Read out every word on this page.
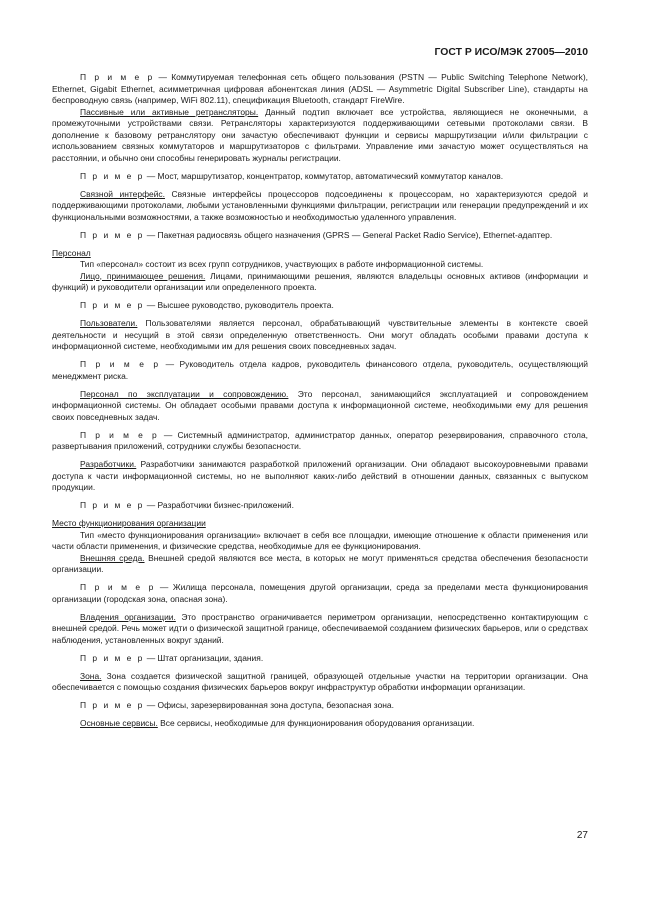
ГОСТ Р ИСО/МЭК 27005—2010

П р и м е р — Коммутируемая телефонная сеть общего пользования (PSTN — Public Switching Telephone Network), Ethernet, Gigabit Ethernet, асимметричная цифровая абонентская линия (ADSL — Asymmetric Digital Subscriber Line), стандарты на беспроводную связь (например, WiFi 802.11), спецификация Bluetooth, стандарт FireWire.

Пассивные или активные ретрансляторы. Данный подтип включает все устройства, являющиеся не оконечными, а промежуточными устройствами связи. Ретрансляторы характеризуются поддерживающими сетевыми протоколами связи. В дополнение к базовому ретранслятору они зачастую обеспечивают функции и сервисы маршрутизации и/или фильтрации с использованием связных коммутаторов и маршрутизаторов с фильтрами. Управление ими зачастую может осуществляться на расстоянии, и обычно они способны генерировать журналы регистрации.

П р и м е р — Мост, маршрутизатор, концентратор, коммутатор, автоматический коммутатор каналов.

Связной интерфейс. Связные интерфейсы процессоров подсоединены к процессорам, но характеризуются средой и поддерживающими протоколами, любыми установленными функциями фильтрации, регистрации или генерации предупреждений и их функциональными возможностями, а также возможностью и необходимостью удаленного управления.

П р и м е р — Пакетная радиосвязь общего назначения (GPRS — General Packet Radio Service), Ethernet-адаптер.

Персонал

Тип «персонал» состоит из всех групп сотрудников, участвующих в работе информационной системы.

Лицо, принимающее решения. Лицами, принимающими решения, являются владельцы основных активов (информации и функций) и руководители организации или определенного проекта.

П р и м е р — Высшее руководство, руководитель проекта.

Пользователи. Пользователями является персонал, обрабатывающий чувствительные элементы в контексте своей деятельности и несущий в этой связи определенную ответственность. Они могут обладать особыми правами доступа к информационной системе, необходимыми им для решения своих повседневных задач.

П р и м е р — Руководитель отдела кадров, руководитель финансового отдела, руководитель, осуществляющий менеджмент риска.

Персонал по эксплуатации и сопровождению. Это персонал, занимающийся эксплуатацией и сопровождением информационной системы. Он обладает особыми правами доступа к информационной системе, необходимыми ему для решения своих повседневных задач.

П р и м е р — Системный администратор, администратор данных, оператор резервирования, справочного стола, развертывания приложений, сотрудники службы безопасности.

Разработчики. Разработчики занимаются разработкой приложений организации. Они обладают высокоуровневыми правами доступа к части информационной системы, но не выполняют каких-либо действий в отношении данных, связанных с выпуском продукции.

П р и м е р — Разработчики бизнес-приложений.

Место функционирования организации

Тип «место функционирования организации» включает в себя все площадки, имеющие отношение к области применения или части области применения, и физические средства, необходимые для ее функционирования.

Внешняя среда. Внешней средой являются все места, в которых не могут применяться средства обеспечения безопасности организации.

П р и м е р — Жилища персонала, помещения другой организации, среда за пределами места функционирования организации (городская зона, опасная зона).

Владения организации. Это пространство ограничивается периметром организации, непосредственно контактирующим с внешней средой. Речь может идти о физической защитной границе, обеспечиваемой созданием физических барьеров, или о средствах наблюдения, установленных вокруг зданий.

П р и м е р — Штат организации, здания.

Зона. Зона создается физической защитной границей, образующей отдельные участки на территории организации. Она обеспечивается с помощью создания физических барьеров вокруг инфраструктур обработки информации организации.

П р и м е р — Офисы, зарезервированная зона доступа, безопасная зона.

Основные сервисы. Все сервисы, необходимые для функционирования оборудования организации.

27
